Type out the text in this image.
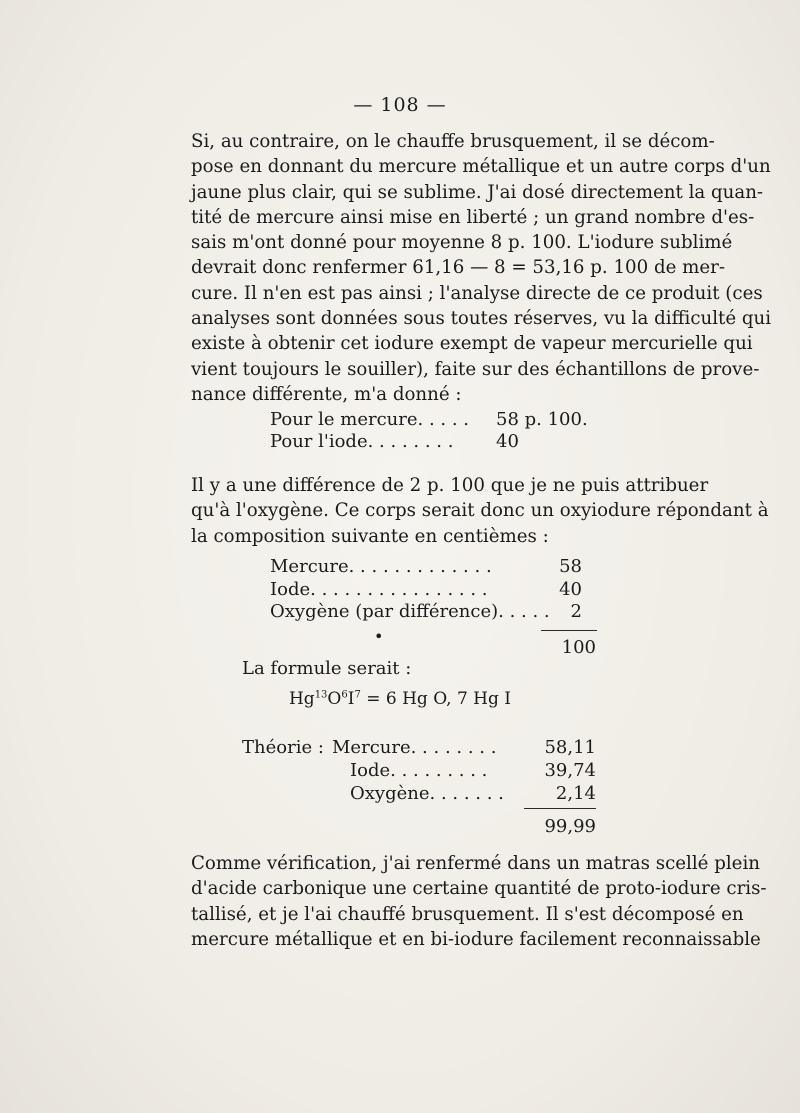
— 108 —

Si, au contraire, on le chauffe brusquement, il se décom-
pose en donnant du mercure métallique et un autre corps d'un
jaune plus clair, qui se sublime. J'ai dosé directement la quan-
tité de mercure ainsi mise en liberté ; un grand nombre d'es-
sais m'ont donné pour moyenne 8 p. 100. L'iodure sublimé
devrait donc renfermer 61,16 — 8 = 53,16 p. 100 de mer-
cure. Il n'en est pas ainsi ; l'analyse directe de ce produit (ces
analyses sont données sous toutes réserves, vu la difficulté qui
existe à obtenir cet iodure exempt de vapeur mercurielle qui
vient toujours le souiller), faite sur des échantillons de prove-
nance différente, m'a donné :

Pour le mercure. . . . . 58 p. 100.
Pour l'iode. . . . . . . . 40

Il y a une différence de 2 p. 100 que je ne puis attribuer
qu'à l'oxygène. Ce corps serait donc un oxyiodure répondant à
la composition suivante en centièmes :

Mercure. . . . . . . . . . . . .	58
Iode. . . . . . . . . . . . . . . .	40
Oxygène (par différence). . . . . 2
•
100
La formule serait :
$Hg^{13}O^6I^7 = 6$ Hg O, 7 Hg I
Théorie : Mercure. . . . . . . .	58,11
Iode. . . . . . . . .	39,74
Oxygène. . . . . . .	2,14
99,99

Comme vérification, j'ai renfermé dans un matras scellé plein
d'acide carbonique une certaine quantité de proto-iodure cris-
tallisé, et je l'ai chauffé brusquement. Il s'est décomposé en
mercure métallique et en bi-iodure facilement reconnaissable
